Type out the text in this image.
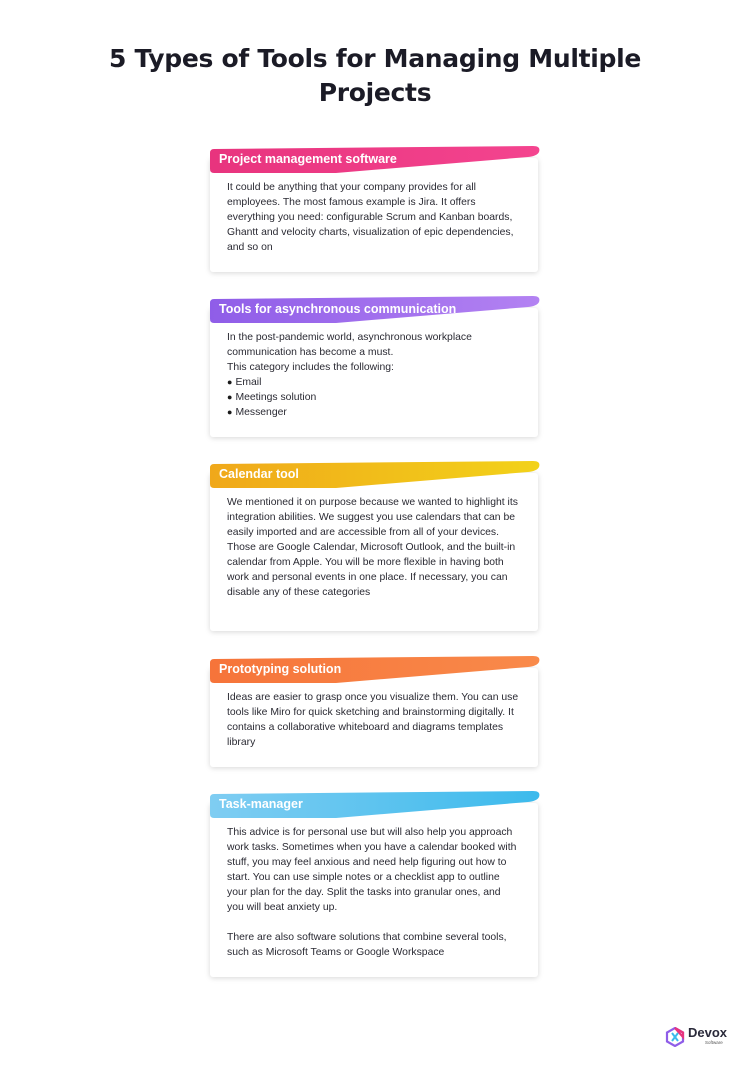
5 Types of Tools for Managing Multiple
Projects

It could be anything that your company provides for all employees. The most famous example is Jira. It offers everything you need: configurable Scrum and Kanban boards, Ghantt and velocity charts, visualization of epic dependencies, and so on

Project management software

In the post-pandemic world, asynchronous workplace communication has become a must.

This category includes the following:

● Email

● Meetings solution

● Messenger

Tools for asynchronous communication

We mentioned it on purpose because we wanted to highlight its integration abilities. We suggest you use calendars that can be easily imported and are accessible from all of your devices. Those are Google Calendar, Microsoft Outlook, and the built-in calendar from Apple. You will be more flexible in having both work and personal events in one place. If necessary, you can disable any of these categories

Calendar tool

Ideas are easier to grasp once you visualize them. You can use tools like Miro for quick sketching and brainstorming digitally. It contains a collaborative whiteboard and diagrams templates library

Prototyping solution

This advice is for personal use but will also help you approach work tasks. Sometimes when you have a calendar booked with stuff, you may feel anxious and need help figuring out how to start. You can use simple notes or a checklist app to outline your plan for the day. Split the tasks into granular ones, and you will beat anxiety up.

There are also software solutions that combine several tools, such as Microsoft Teams or Google Workspace

Task-manager
Devox
Software
